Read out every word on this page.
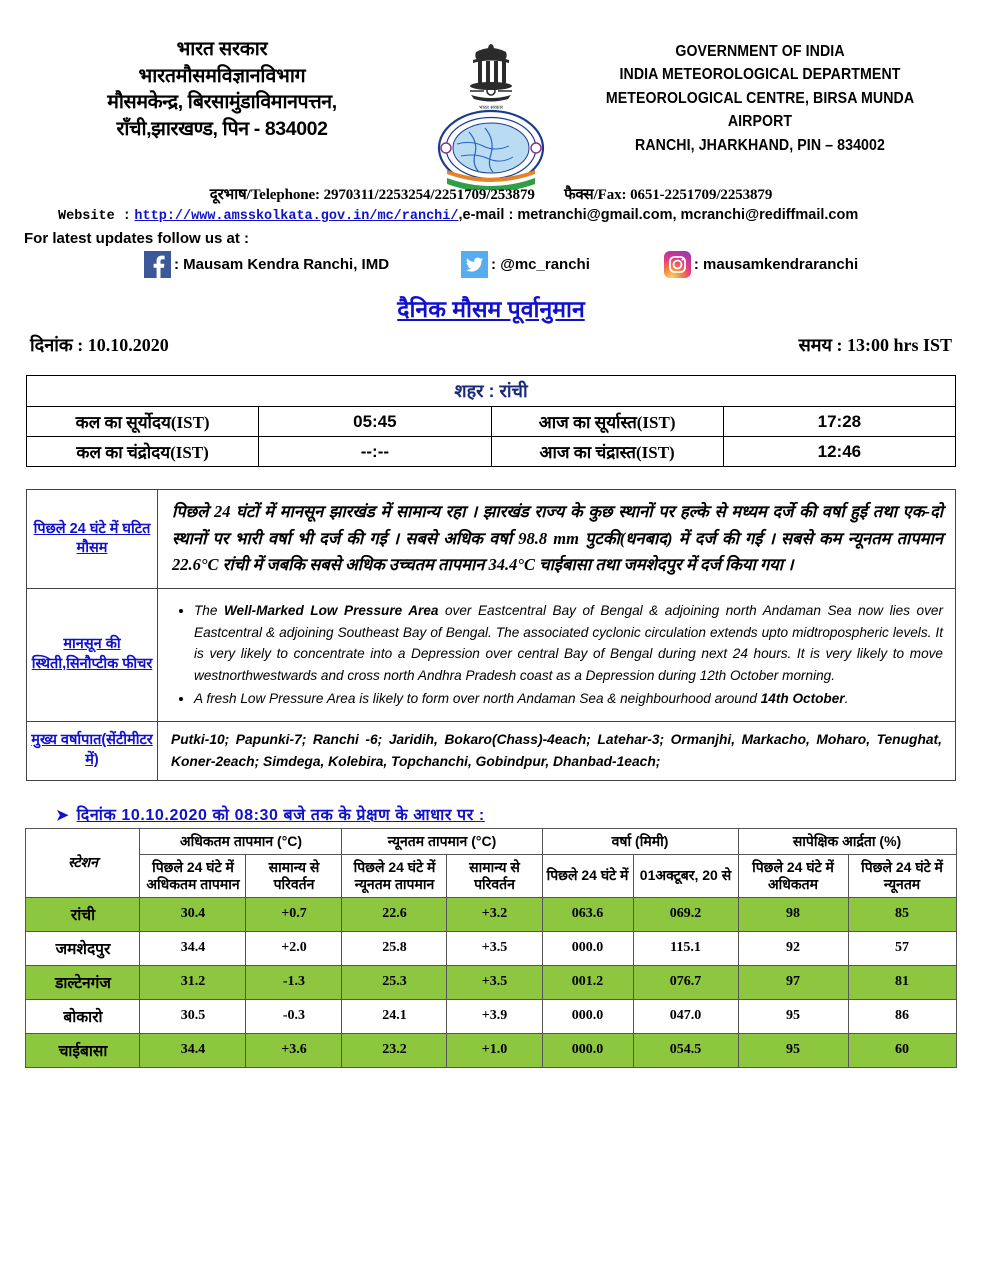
भारत सरकार
भारतमौसमविज्ञानविभाग
मौसमकेन्द्र, बिरसामुंडाविमानपत्तन,
राँची,झारखण्ड, पिन - 834002
भारत सरकार
GOVERNMENT OF INDIA
INDIA METEOROLOGICAL DEPARTMENT
METEOROLOGICAL CENTRE, BIRSA MUNDA AIRPORT
RANCHI, JHARKHAND, PIN – 834002
दूरभाष/Telephone: 2970311/2253254/2251709/253879 फैक्स/Fax: 0651-2251709/2253879
Website : http://www.amsskolkata.gov.in/mc/ranchi/,e-mail : metranchi@gmail.com, mcranchi@rediffmail.com
For latest updates follow us at :
: Mausam Kendra Ranchi, IMD	: @mc_ranchi	: mausamkendraranchi
दैनिक मौसम पूर्वानुमान
दिनांक : 10.10.2020	समय : 13:00 hrs IST
शहर : रांची			
कल का सूर्योदय(IST)	05:45	आज का सूर्यास्त(IST)	17:28
कल का चंद्रोदय(IST)	--:--	आज का चंद्रास्त(IST)	12:46
पिछले 24 घंटे में घटित मौसम	पिछले 24 घंटों में मानसून झारखंड में सामान्य रहा । झारखंड राज्य के कुछ स्थानों पर हल्के से मध्यम दर्जे की वर्षा हुई तथा एक-दो स्थानों पर भारी वर्षा भी दर्ज की गई । सबसे अधिक वर्षा 98.8 mm पुटकी(धनबाद) में दर्ज की गई । सबसे कम न्यूनतम तापमान 22.6°C रांची में जबकि सबसे अधिक उच्चतम तापमान 34.4°C चाईबासा तथा जमशेदपुर में दर्ज किया गया ।

मानसून की स्थिती,सिनौप्टीक फीचर	
• The Well-Marked Low Pressure Area over Eastcentral Bay of Bengal & adjoining north Andaman Sea now lies over Eastcentral & adjoining Southeast Bay of Bengal. The associated cyclonic circulation extends upto midtropospheric levels. It is very likely to concentrate into a Depression over central Bay of Bengal during next 24 hours. It is very likely to move westnorthwestwards and cross north Andhra Pradesh coast as a Depression during 12th October morning.
• A fresh Low Pressure Area is likely to form over north Andaman Sea & neighbourhood around 14th October.

मुख्य वर्षापात(सेंटीमीटर में)	Putki-10; Papunki-7; Ranchi -6; Jaridih, Bokaro(Chass)-4each; Latehar-3; Ormanjhi, Markacho, Moharo, Tenughat, Koner-2each; Simdega, Kolebira, Topchanchi, Gobindpur, Dhanbad-1each;
➤ दिनांक 10.10.2020 को 08:30 बजे तक के प्रेक्षण के आधार पर :
स्टेशन	अधिकतम तापमान (°C)		न्यूनतम तापमान (°C)		वर्षा (मिमी)		सापेक्षिक आर्द्रता (%)	
	पिछले 24 घंटे में अधिकतम तापमान	सामान्य से परिवर्तन	पिछले 24 घंटे में न्यूनतम तापमान	सामान्य से परिवर्तन	पिछले 24 घंटे में	01अक्टूबर, 20 से	पिछले 24 घंटे में अधिकतम	पिछले 24 घंटे में न्यूनतम
रांची	30.4	+0.7	22.6	+3.2	063.6	069.2	98	85
जमशेदपुर	34.4	+2.0	25.8	+3.5	000.0	115.1	92	57
डाल्टेनगंज	31.2	-1.3	25.3	+3.5	001.2	076.7	97	81
बोकारो	30.5	-0.3	24.1	+3.9	000.0	047.0	95	86
चाईबासा	34.4	+3.6	23.2	+1.0	000.0	054.5	95	60
